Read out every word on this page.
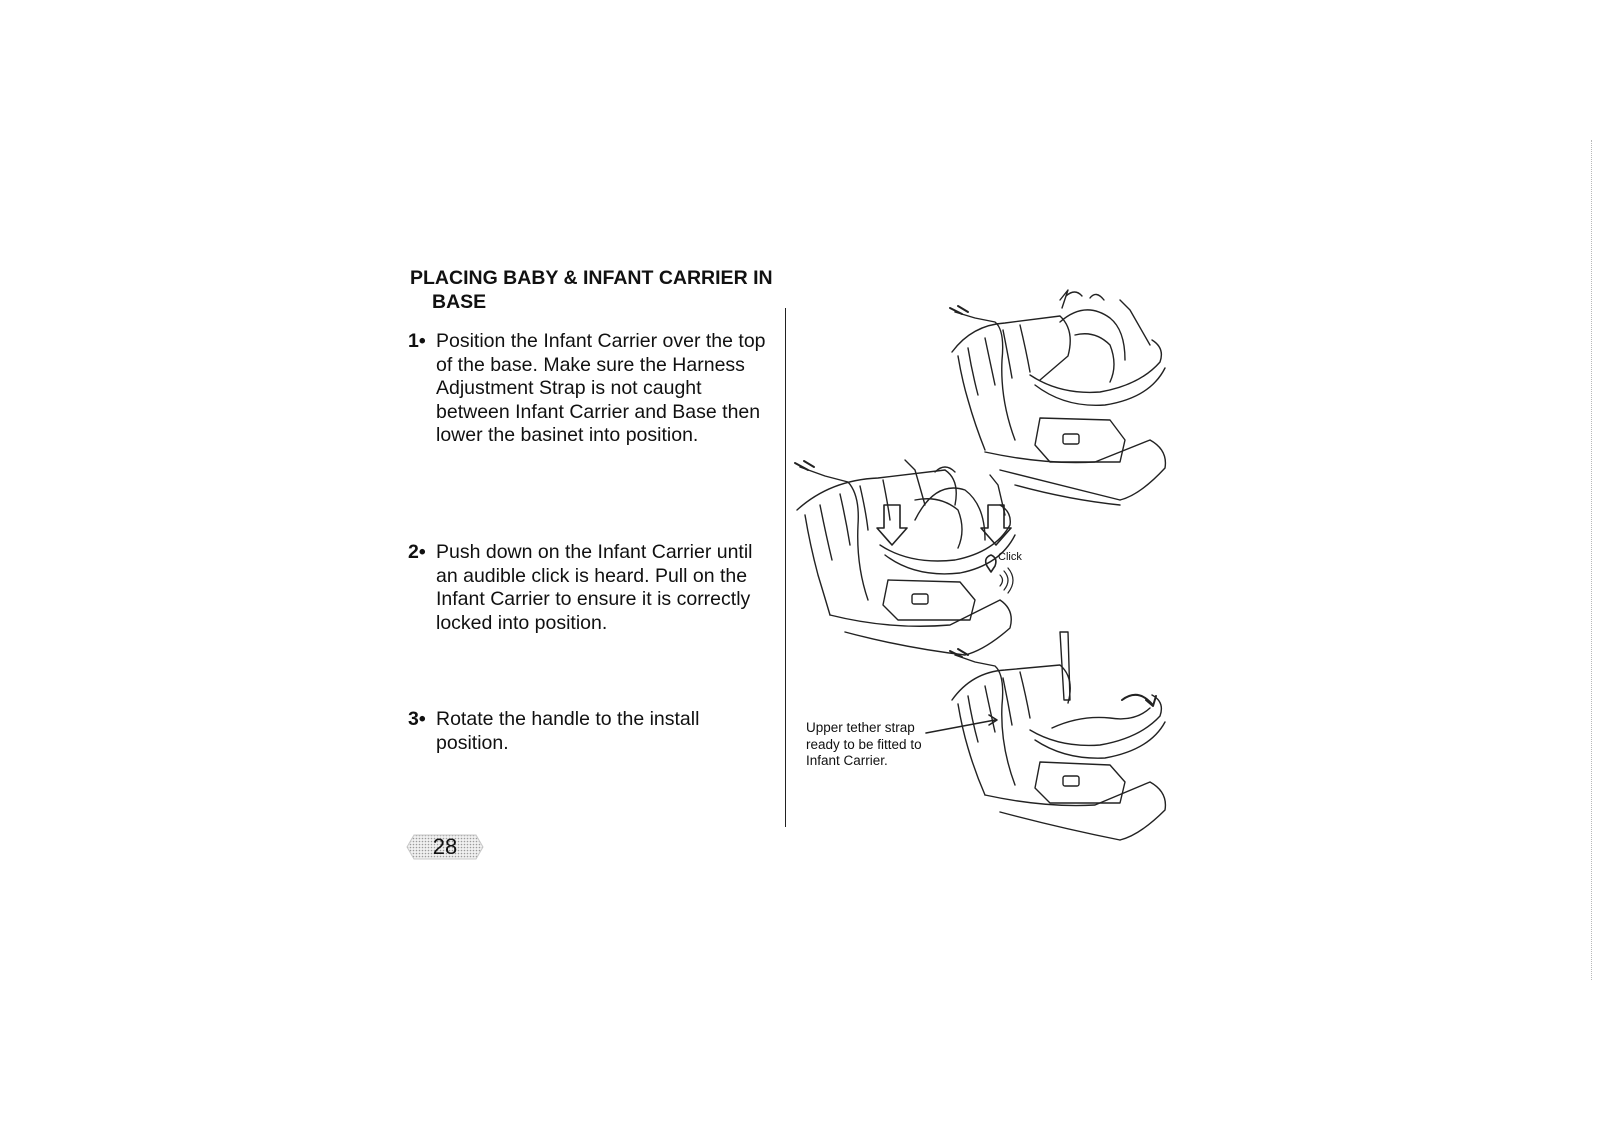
PLACING BABY & INFANT CARRIER IN
BASE
1• Position the Infant Carrier over the top of the base. Make sure the Harness Adjustment Strap is not caught between Infant Carrier and Base then lower the basinet into position.
2• Push down on the Infant Carrier until an audible click is heard. Pull on the Infant Carrier to ensure it is correctly locked into position.
3• Rotate the handle to the install position.
Click
Upper tether strap ready to be fitted to Infant Carrier.
28
